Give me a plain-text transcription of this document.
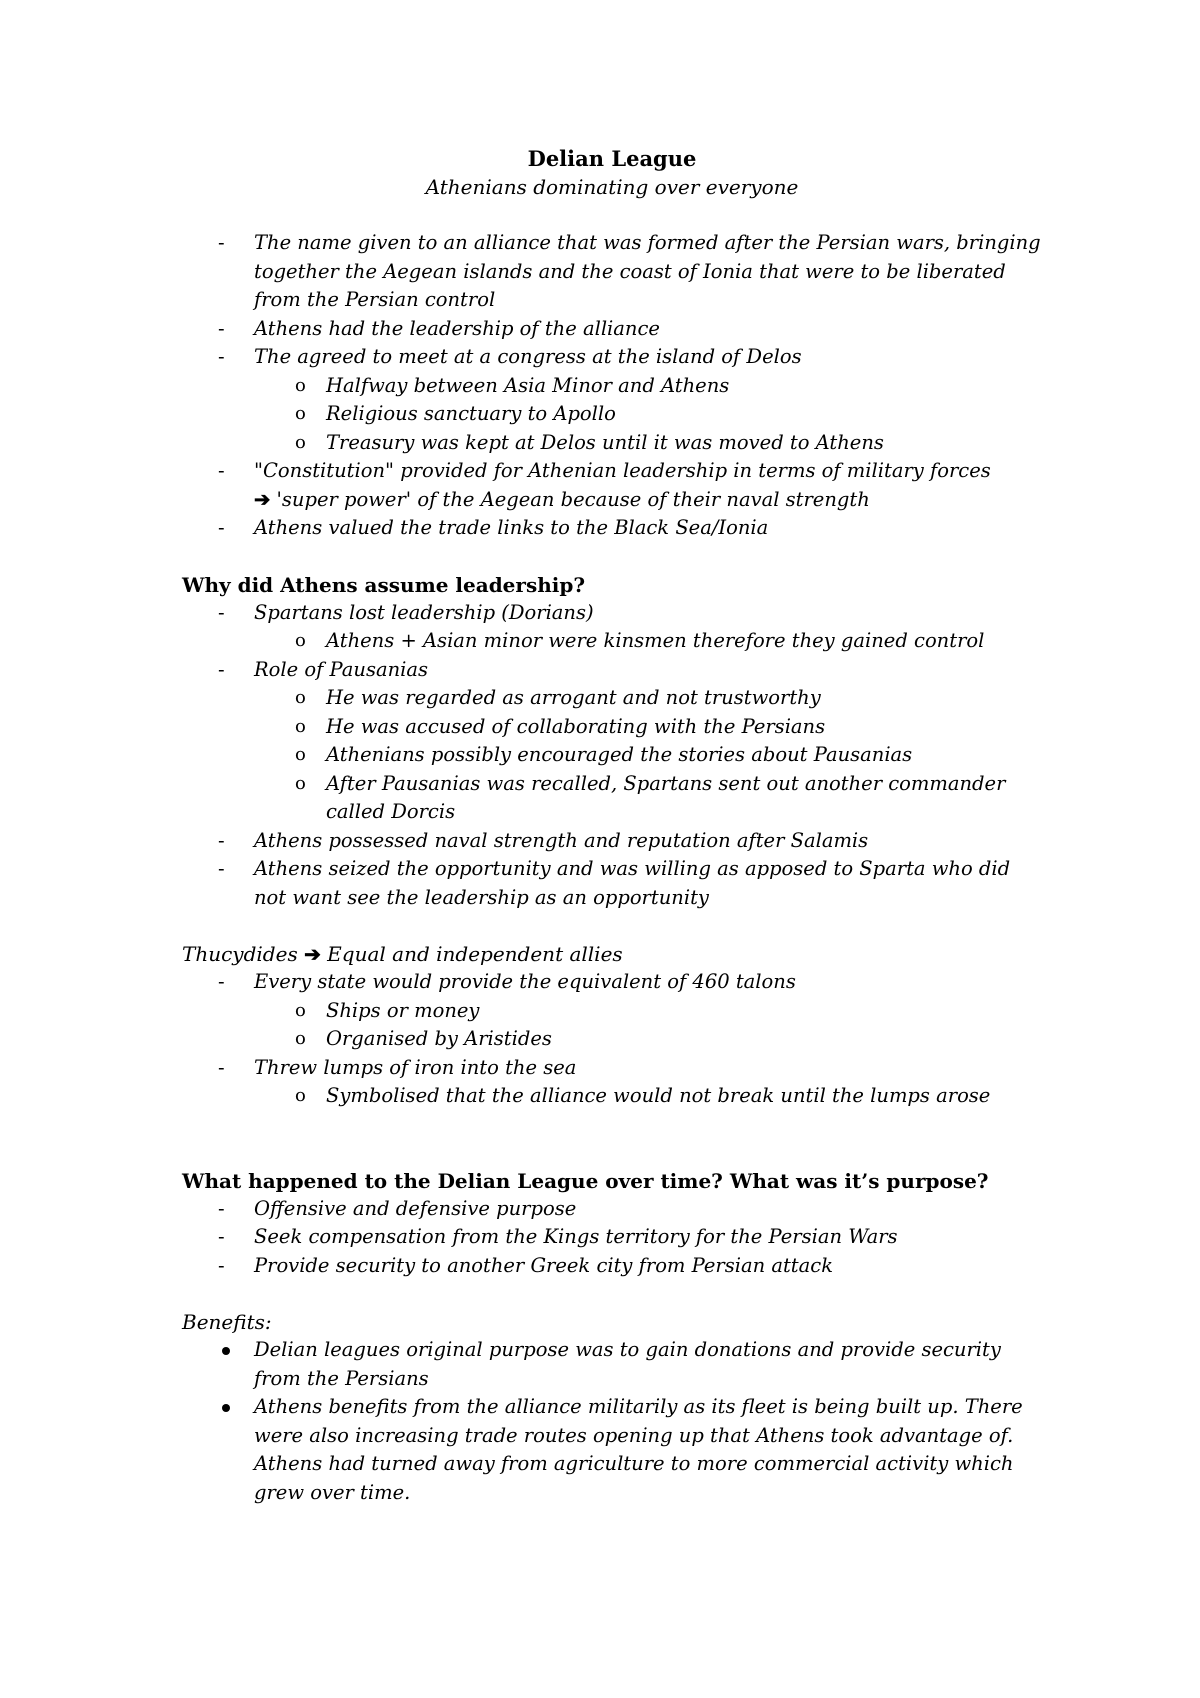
Delian League

Athenians dominating over everyone

- The name given to an alliance that was formed after the Persian wars, bringing together the Aegean islands and the coast of Ionia that were to be liberated from the Persian control
- Athens had the leadership of the alliance
- The agreed to meet at a congress at the island of Delos
o Halfway between Asia Minor and Athens
o Religious sanctuary to Apollo
o Treasury was kept at Delos until it was moved to Athens
- "Constitution" provided for Athenian leadership in terms of military forces
➔ 'super power' of the Aegean because of their naval strength
- Athens valued the trade links to the Black Sea/Ionia

Why did Athens assume leadership?

- Spartans lost leadership (Dorians)
o Athens + Asian minor were kinsmen therefore they gained control
- Role of Pausanias
o He was regarded as arrogant and not trustworthy
o He was accused of collaborating with the Persians
o Athenians possibly encouraged the stories about Pausanias
o After Pausanias was recalled, Spartans sent out another commander called Dorcis
- Athens possessed naval strength and reputation after Salamis
- Athens seized the opportunity and was willing as apposed to Sparta who did not want see the leadership as an opportunity

Thucydides ➔ Equal and independent allies

- Every state would provide the equivalent of 460 talons
o Ships or money
o Organised by Aristides
- Threw lumps of iron into the sea
o Symbolised that the alliance would not break until the lumps arose

What happened to the Delian League over time? What was it’s purpose?

- Offensive and defensive purpose
- Seek compensation from the Kings territory for the Persian Wars
- Provide security to another Greek city from Persian attack

Benefits:

Delian leagues original purpose was to gain donations and provide security from the Persians
Athens benefits from the alliance militarily as its fleet is being built up. There were also increasing trade routes opening up that Athens took advantage of. Athens had turned away from agriculture to more commercial activity which grew over time.
